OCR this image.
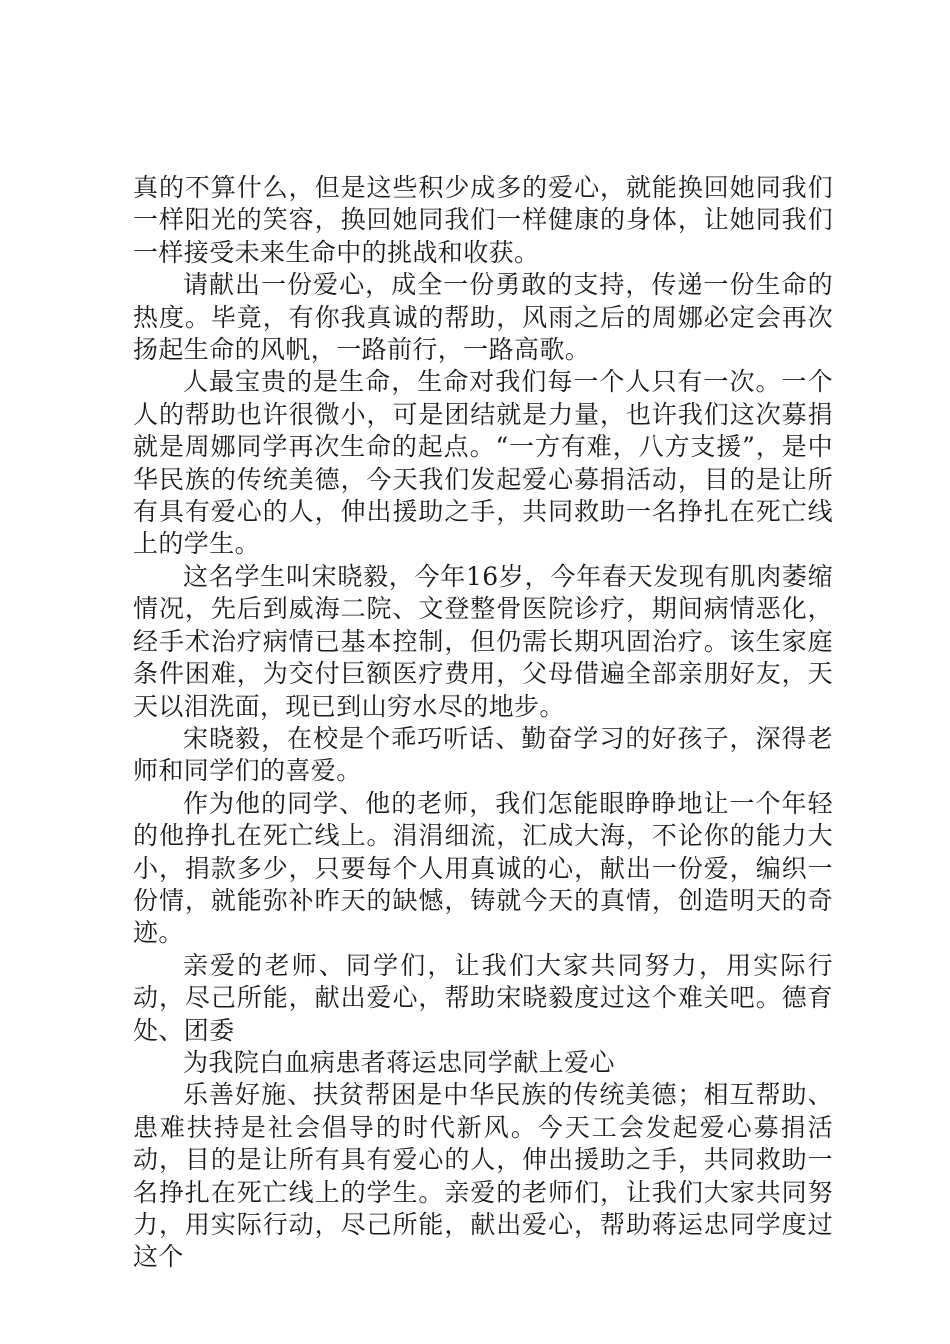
真的不算什么，但是这些积少成多的爱心，就能换回她同我们一样阳光的笑容，换回她同我们一样健康的身体，让她同我们一样接受未来生命中的挑战和收获。

请献出一份爱心，成全一份勇敢的支持，传递一份生命的热度。毕竟，有你我真诚的帮助，风雨之后的周娜必定会再次扬起生命的风帆，一路前行，一路高歌。

人最宝贵的是生命，生命对我们每一个人只有一次。一个人的帮助也许很微小，可是团结就是力量，也许我们这次募捐就是周娜同学再次生命的起点。“一方有难，八方支援”，是中华民族的传统美德，今天我们发起爱心募捐活动，目的是让所有具有爱心的人，伸出援助之手，共同救助一名挣扎在死亡线上的学生。

这名学生叫宋晓毅，今年16岁，今年春天发现有肌肉萎缩情况，先后到威海二院、文登整骨医院诊疗，期间病情恶化，经手术治疗病情已基本控制，但仍需长期巩固治疗。该生家庭条件困难，为交付巨额医疗费用，父母借遍全部亲朋好友，天天以泪洗面，现已到山穷水尽的地步。

宋晓毅，在校是个乖巧听话、勤奋学习的好孩子，深得老师和同学们的喜爱。

作为他的同学、他的老师，我们怎能眼睁睁地让一个年轻的他挣扎在死亡线上。涓涓细流，汇成大海，不论你的能力大小，捐款多少，只要每个人用真诚的心，献出一份爱，编织一份情，就能弥补昨天的缺憾，铸就今天的真情，创造明天的奇迹。

亲爱的老师、同学们，让我们大家共同努力，用实际行动，尽己所能，献出爱心，帮助宋晓毅度过这个难关吧。德育处、团委

为我院白血病患者蒋运忠同学献上爱心

乐善好施、扶贫帮困是中华民族的传统美德；相互帮助、患难扶持是社会倡导的时代新风。今天工会发起爱心募捐活动，目的是让所有具有爱心的人，伸出援助之手，共同救助一名挣扎在死亡线上的学生。亲爱的老师们，让我们大家共同努力，用实际行动，尽己所能，献出爱心，帮助蒋运忠同学度过这个
